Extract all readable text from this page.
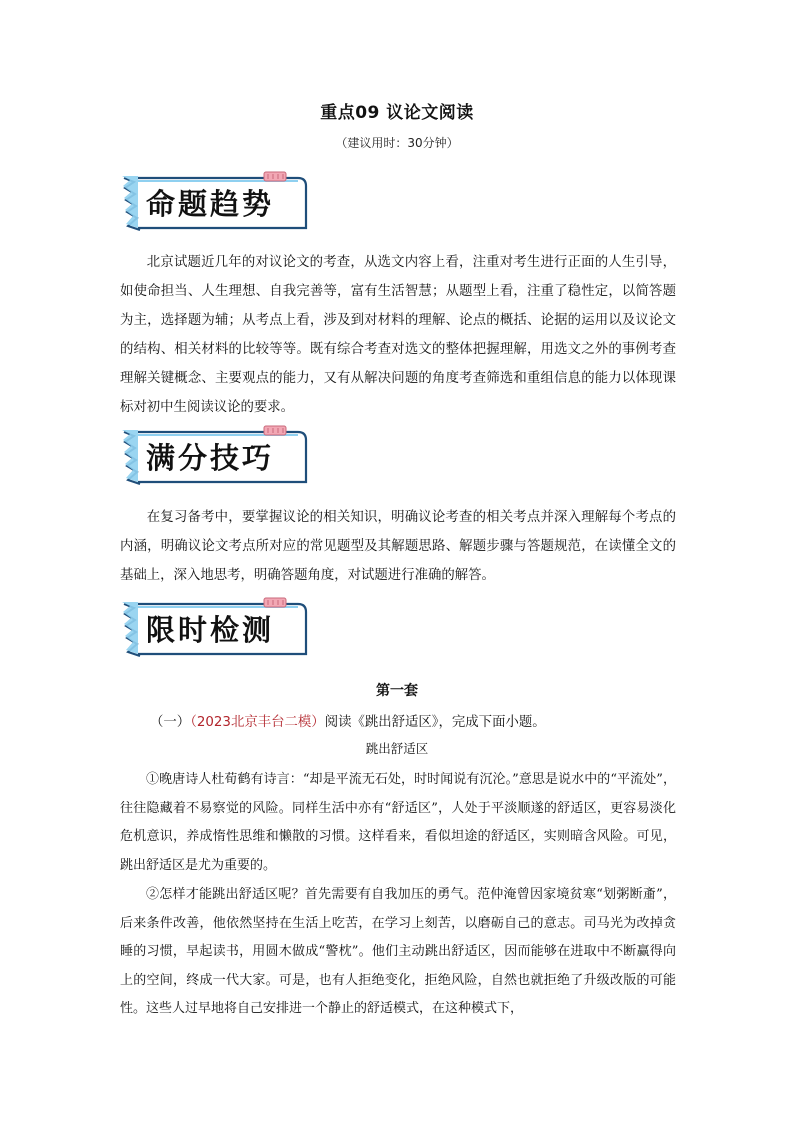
重点09 议论文阅读
（建议用时：30分钟）
命题趋势

北京试题近几年的对议论文的考查，从选文内容上看，注重对考生进行正面的人生引导，如使命担当、人生理想、自我完善等，富有生活智慧；从题型上看，注重了稳性定，以简答题为主，选择题为辅；从考点上看，涉及到对材料的理解、论点的概括、论据的运用以及议论文的结构、相关材料的比较等等。既有综合考查对选文的整体把握理解，用选文之外的事例考查理解关键概念、主要观点的能力，又有从解决问题的角度考查筛选和重组信息的能力以体现课标对初中生阅读议论的要求。

满分技巧

在复习备考中，要掌握议论的相关知识，明确议论考查的相关考点并深入理解每个考点的内涵，明确议论文考点所对应的常见题型及其解题思路、解题步骤与答题规范，在读懂全文的基础上，深入地思考，明确答题角度，对试题进行准确的解答。

限时检测
第一套
（一）（2023北京丰台二模）阅读《跳出舒适区》，完成下面小题。
跳出舒适区

①晚唐诗人杜荀鹤有诗言：“却是平流无石处，时时闻说有沉沦。”意思是说水中的“平流处”，往往隐藏着不易察觉的风险。同样生活中亦有“舒适区”，人处于平淡顺遂的舒适区，更容易淡化危机意识，养成惰性思维和懒散的习惯。这样看来，看似坦途的舒适区，实则暗含风险。可见，跳出舒适区是尤为重要的。

②怎样才能跳出舒适区呢？首先需要有自我加压的勇气。范仲淹曾因家境贫寒“划粥断齑”，后来条件改善，他依然坚持在生活上吃苦，在学习上刻苦，以磨砺自己的意志。司马光为改掉贪睡的习惯，早起读书，用圆木做成“警枕”。他们主动跳出舒适区，因而能够在进取中不断赢得向上的空间，终成一代大家。可是，也有人拒绝变化，拒绝风险，自然也就拒绝了升级改版的可能性。这些人过早地将自己安排进一个静止的舒适模式，在这种模式下，
